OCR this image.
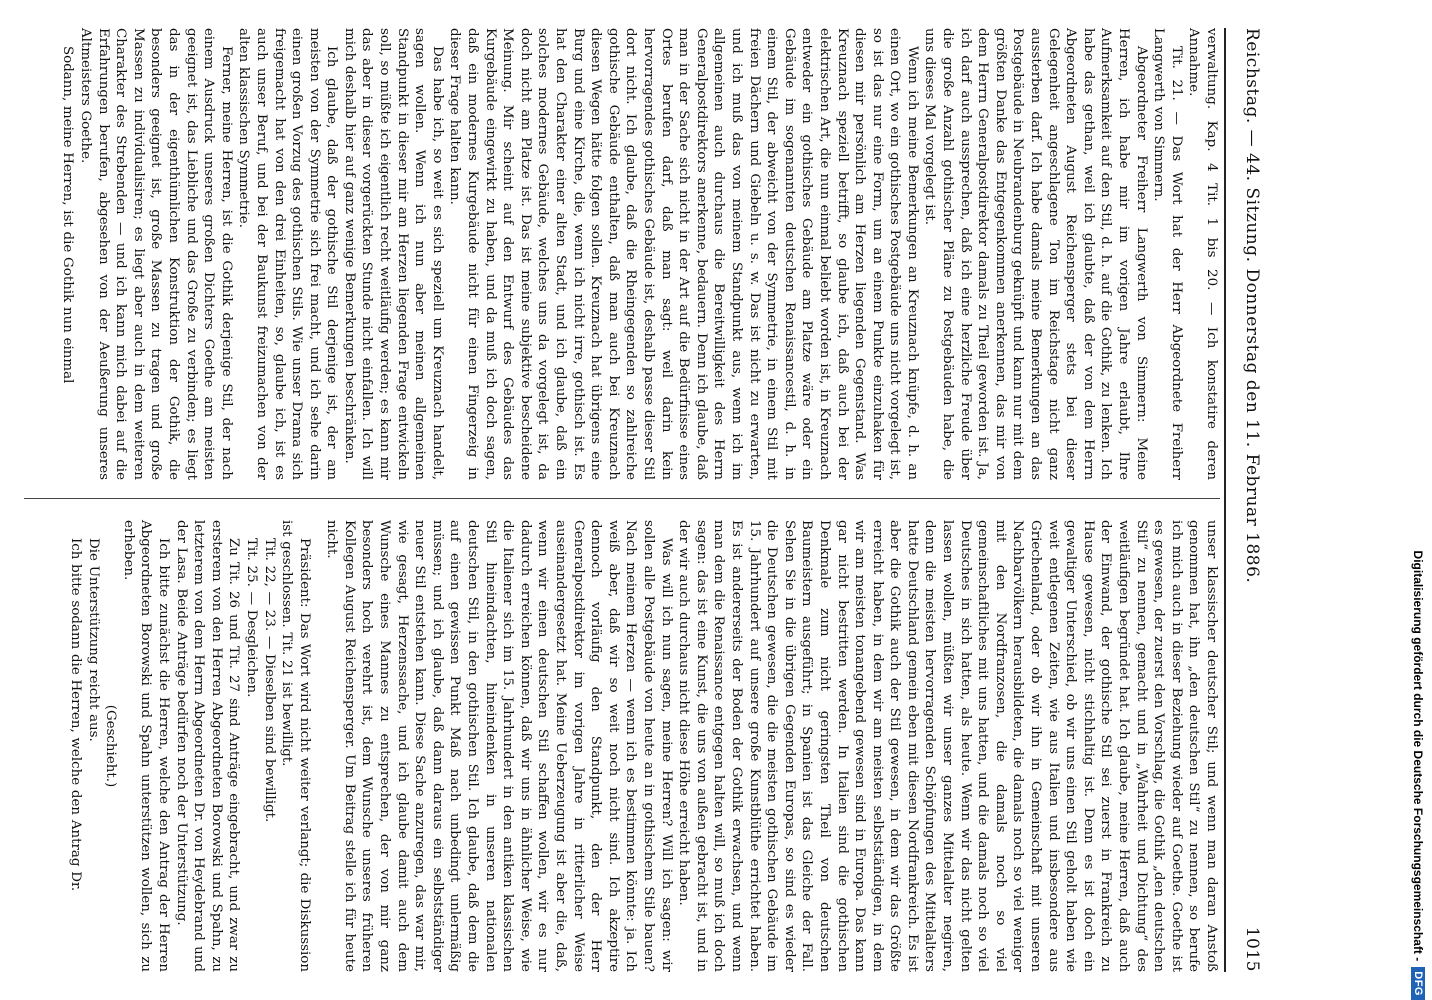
Reichstag. — 44. Sitzung. Donnerstag den 11. Februar 1886.
1015

verwaltung. Kap. 4 Tit. 1 bis 20. — Ich konstatire deren Annahme.

Tit. 21. — Das Wort hat der Herr Abgeordnete Freiherr Langwerth von Simmern.

Abgeordneter Freiherr Langwerth von Simmern: Meine Herren, ich habe mir im vorigen Jahre erlaubt, Ihre Aufmerksamkeit auf den Stil, d. h. auf die Gothik, zu lenken. Ich habe das gethan, weil ich glaubte, daß der von dem Herrn Abgeordneten August Reichensperger stets bei dieser Gelegenheit angeschlagene Ton im Reichstage nicht ganz aussterben darf. Ich habe damals meine Bemerkungen an das Postgebäude in Neubrandenburg geknüpft und kann nur mit dem größten Danke das Entgegenkommen anerkennen, das mir von dem Herrn Generalpostdirektor damals zu Theil geworden ist. Ja, ich darf auch aussprechen, daß ich eine herzliche Freude über die große Anzahl gothischer Pläne zu Postgebäuden habe, die uns dieses Mal vorgelegt ist.

Wenn ich meine Bemerkungen an Kreuznach knüpfe, d. h. an einen Ort, wo ein gothisches Postgebäude uns nicht vorgelegt ist, so ist das nur eine Form, um an einem Punkte einzuhaken für diesen mir persönlich am Herzen liegenden Gegenstand. Was Kreuznach speziell betrifft, so glaube ich, daß auch bei der elektrischen Art, die nun einmal beliebt worden ist, in Kreuznach entweder ein gothisches Gebäude am Platze wäre oder ein Gebäude im sogenannten deutschen Renaissancestil, d. h. in einem Stil, der abweicht von der Symmetrie, in einem Stil mit freien Dächern und Giebeln u. s. w. Das ist nicht zu erwarten, und ich muß das von meinem Standpunkt aus, wenn ich im allgemeinen auch durchaus die Bereitwilligkeit des Herrn Generalpostdirektors anerkenne, bedauern. Denn ich glaube, daß man in der Sache sich nicht in der Art auf die Bedürfnisse eines Ortes berufen darf, daß man sagt: weil darin kein hervorragendes gothisches Gebäude ist, deshalb passe dieser Stil dort nicht. Ich glaube, daß die Rheingegenden so zahlreiche gothische Gebäude enthalten, daß man auch bei Kreuznach diesen Wegen hätte folgen sollen. Kreuznach hat übrigens eine Burg und eine Kirche, die, wenn ich nicht irre, gothisch ist. Es hat den Charakter einer alten Stadt, und ich glaube, daß ein solches modernes Gebäude, welches uns da vorgelegt ist, da doch nicht am Platze ist. Das ist meine subjektive bescheidene Meinung. Mir scheint auf den Entwurf des Gebäudes das Kurgebäude eingewirkt zu haben, und da muß ich doch sagen, daß ein modernes Kurgebäude nicht für einen Fingerzeig in dieser Frage halten kann.

Das habe ich, so weit es sich speziell um Kreuznach handelt, sagen wollen. Wenn ich nun aber meinen allgemeinen Standpunkt in dieser mir am Herzen liegenden Frage entwickeln soll, so müßte ich eigentlich recht weitläufig werden; es kann mir das aber in dieser vorgerückten Stunde nicht einfallen. Ich will mich deshalb hier auf ganz wenige Bemerkungen beschränken.

Ich glaube, daß der gothische Stil derjenige ist, der am meisten von der Symmetrie sich frei macht, und ich sehe darin einen großen Vorzug des gothischen Stils. Wie unser Drama sich freigemacht hat von den drei Einheiten, so, glaube ich, ist es auch unser Beruf, und bei der Baukunst freizumachen von der alten klassischen Symmetrie.

Ferner, meine Herren, ist die Gothik derjenige Stil, der nach einem Ausdruck unseres großen Dichters Goethe am meisten geeignet ist, das Liebliche und das Große zu verbinden; es liegt das in der eigenthümlichen Konstruktion der Gothik, die besonders geeignet ist, große Massen zu tragen und große Massen zu individualisiren; es liegt aber auch in dem weiteren Charakter des Strebenden — und ich kann mich dabei auf die Erfahrungen berufen, abgesehen von der Aeußerung unseres Altmeisters Goethe.

Sodann, meine Herren, ist die Gothik nun einmal

unser klassischer deutscher Stil; und wenn man daran Anstoß genommen hat, ihn „den deutschen Stil“ zu nennen, so berufe ich mich auch in dieser Beziehung wieder auf Goethe. Goethe ist es gewesen, der zuerst den Vorschlag, die Gothik „den deutschen Stil“ zu nennen, gemacht und in „Wahrheit und Dichtung“ des weitläufigen begründet hat. Ich glaube, meine Herren, daß auch der Einwand, der gothische Stil sei zuerst in Frankreich zu Hause gewesen, nicht stichhaltig ist. Denn es ist doch ein gewaltiger Unterschied, ob wir uns einen Stil geholt haben wie weit entlegenen Zeiten, wie aus Italien und insbesondere aus Griechenland, oder ob wir ihn in Gemeinschaft mit unseren Nachbarvölkern herausbildeten, die damals noch so viel weniger mit den Nordfranzosen, die damals noch so viel gemeinschaftliches mit uns hatten, und die damals noch so viel Deutsches in sich hatten, als heute. Wenn wir das nicht gelten lassen wollen, müßten wir unser ganzes Mittelalter negiren, denn die meisten hervorragenden Schöpfungen des Mittelalters hatte Deutschland gemein eben mit diesen Nordfrankreich. Es ist aber die Gothik auch der Stil gewesen, in dem wir das Größte erreicht haben, in dem wir am meisten selbstständigen, in dem wir am meisten tonangebend gewesen sind in Europa. Das kann gar nicht bestritten werden. In Italien sind die gothischen Denkmale zum nicht geringsten Theil von deutschen Baumeistern ausgeführt; in Spanien ist das Gleiche der Fall. Sehen Sie in die übrigen Gegenden Europas, so sind es wieder die Deutschen gewesen, die die meisten gothischen Gebäude im 15. Jahrhundert auf unsere große Kunstblüthe errichtet haben. Es ist andererseits der Boden der Gothik erwachsen, und wenn man dem die Renaissance entgegen halten will, so muß ich doch sagen: das ist eine Kunst, die uns von außen gebracht ist, und in der wir auch durchaus nicht diese Höhe erreicht haben.

Was will ich nun sagen, meine Herren? Will ich sagen: wir sollen alle Postgebäude von heute an in gothischem Stile bauen? Nach meinem Herzen — wenn ich es bestimmen könnte: ja. Ich weiß aber, daß wir so weit noch nicht sind. Ich akzeptire dennoch vorläufig den Standpunkt, den der Herr Generalpostdirektor im vorigen Jahre in ritterlicher Weise auseinandergesetzt hat. Meine Ueberzeugung ist aber die, daß, wenn wir einen deutschen Stil schaffen wollen, wir es nur dadurch erreichen können, daß wir uns in ähnlicher Weise, wie die Italiener sich im 15. Jahrhundert in den antiken klassischen Stil hineindachten, hineindenken in unseren nationalen deutschen Stil, in den gothischen Stil. Ich glaube, daß dem die auf einen gewissen Punkt Maß nach unbedingt unlermäßig müssen; und ich glaube, daß dann daraus ein selbstständiger neuer Stil entstehen kann. Diese Sache anzuregen, das war mir, wie gesagt, Herzenssache, und ich glaube damit auch dem Wunsche eines Mannes zu entsprechen, der von mir ganz besonders hoch verehrt ist, dem Wunsche unseres früheren Kollegen August Reichensperger. Um Beitrag stelle ich für heute nicht.

Präsident: Das Wort wird nicht weiter verlangt; die Diskussion ist geschlossen. Tit. 21 ist bewilligt.

Tit. 22, — 23. — Dieselben sind bewilligt.

Tit. 25. — Desgleichen.

Zu Tit. 26 und Tit. 27 sind Anträge eingebracht, und zwar zu ersterem von den Herren Abgeordneten Borowski und Spahn, zu letzterem von dem Herrn Abgeordneten Dr. von Heydebrand und der Lasa. Beide Anträge bedürfen noch der Unterstützung.

Ich bitte zunächst die Herren, welche den Antrag der Herren Abgeordneten Borowski und Spahn unterstützen wollen, sich zu erheben.

(Geschieht.)

Die Unterstützung reicht aus.

Ich bitte sodann die Herren, welche den Antrag Dr.	Digitalisierung gefördert durch die Deutsche Forschungsgemeinschaft -
DFG
